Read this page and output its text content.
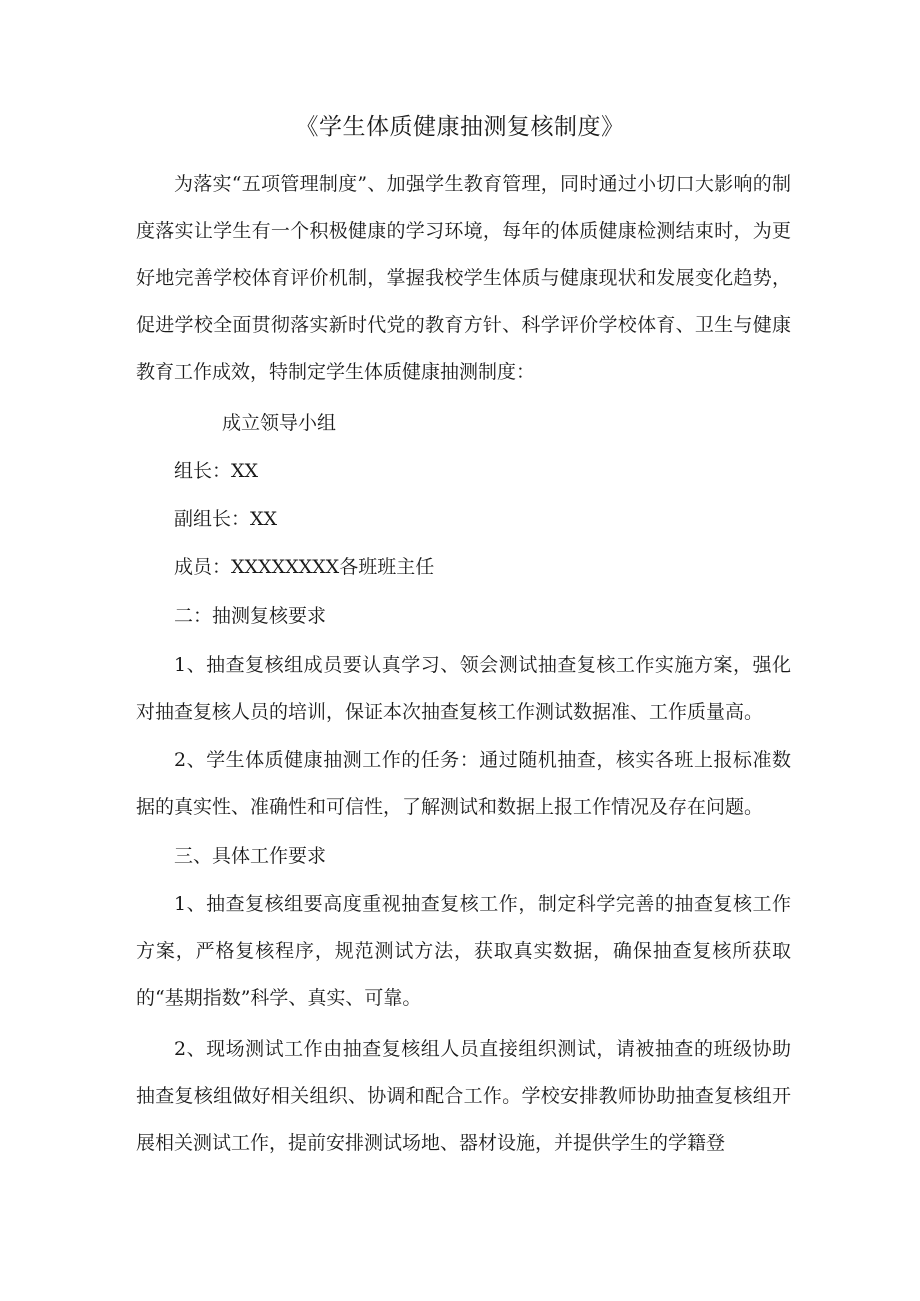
《学生体质健康抽测复核制度》

为落实“五项管理制度”、加强学生教育管理，同时通过小切口大影响的制度落实让学生有一个积极健康的学习环境，每年的体质健康检测结束时，为更好地完善学校体育评价机制，掌握我校学生体质与健康现状和发展变化趋势，促进学校全面贯彻落实新时代党的教育方针、科学评价学校体育、卫生与健康教育工作成效，特制定学生体质健康抽测制度：

成立领导小组

组长：XX

副组长：XX

成员：XXXXXXXX各班班主任

二：抽测复核要求

1、抽查复核组成员要认真学习、领会测试抽查复核工作实施方案，强化对抽查复核人员的培训，保证本次抽查复核工作测试数据准、工作质量高。

2、学生体质健康抽测工作的任务：通过随机抽查，核实各班上报标准数据的真实性、准确性和可信性，了解测试和数据上报工作情况及存在问题。

三、具体工作要求

1、抽查复核组要高度重视抽查复核工作，制定科学完善的抽查复核工作方案，严格复核程序，规范测试方法，获取真实数据，确保抽查复核所获取的“基期指数”科学、真实、可靠。

2、现场测试工作由抽查复核组人员直接组织测试，请被抽查的班级协助抽查复核组做好相关组织、协调和配合工作。学校安排教师协助抽查复核组开展相关测试工作，提前安排测试场地、器材设施，并提供学生的学籍登
